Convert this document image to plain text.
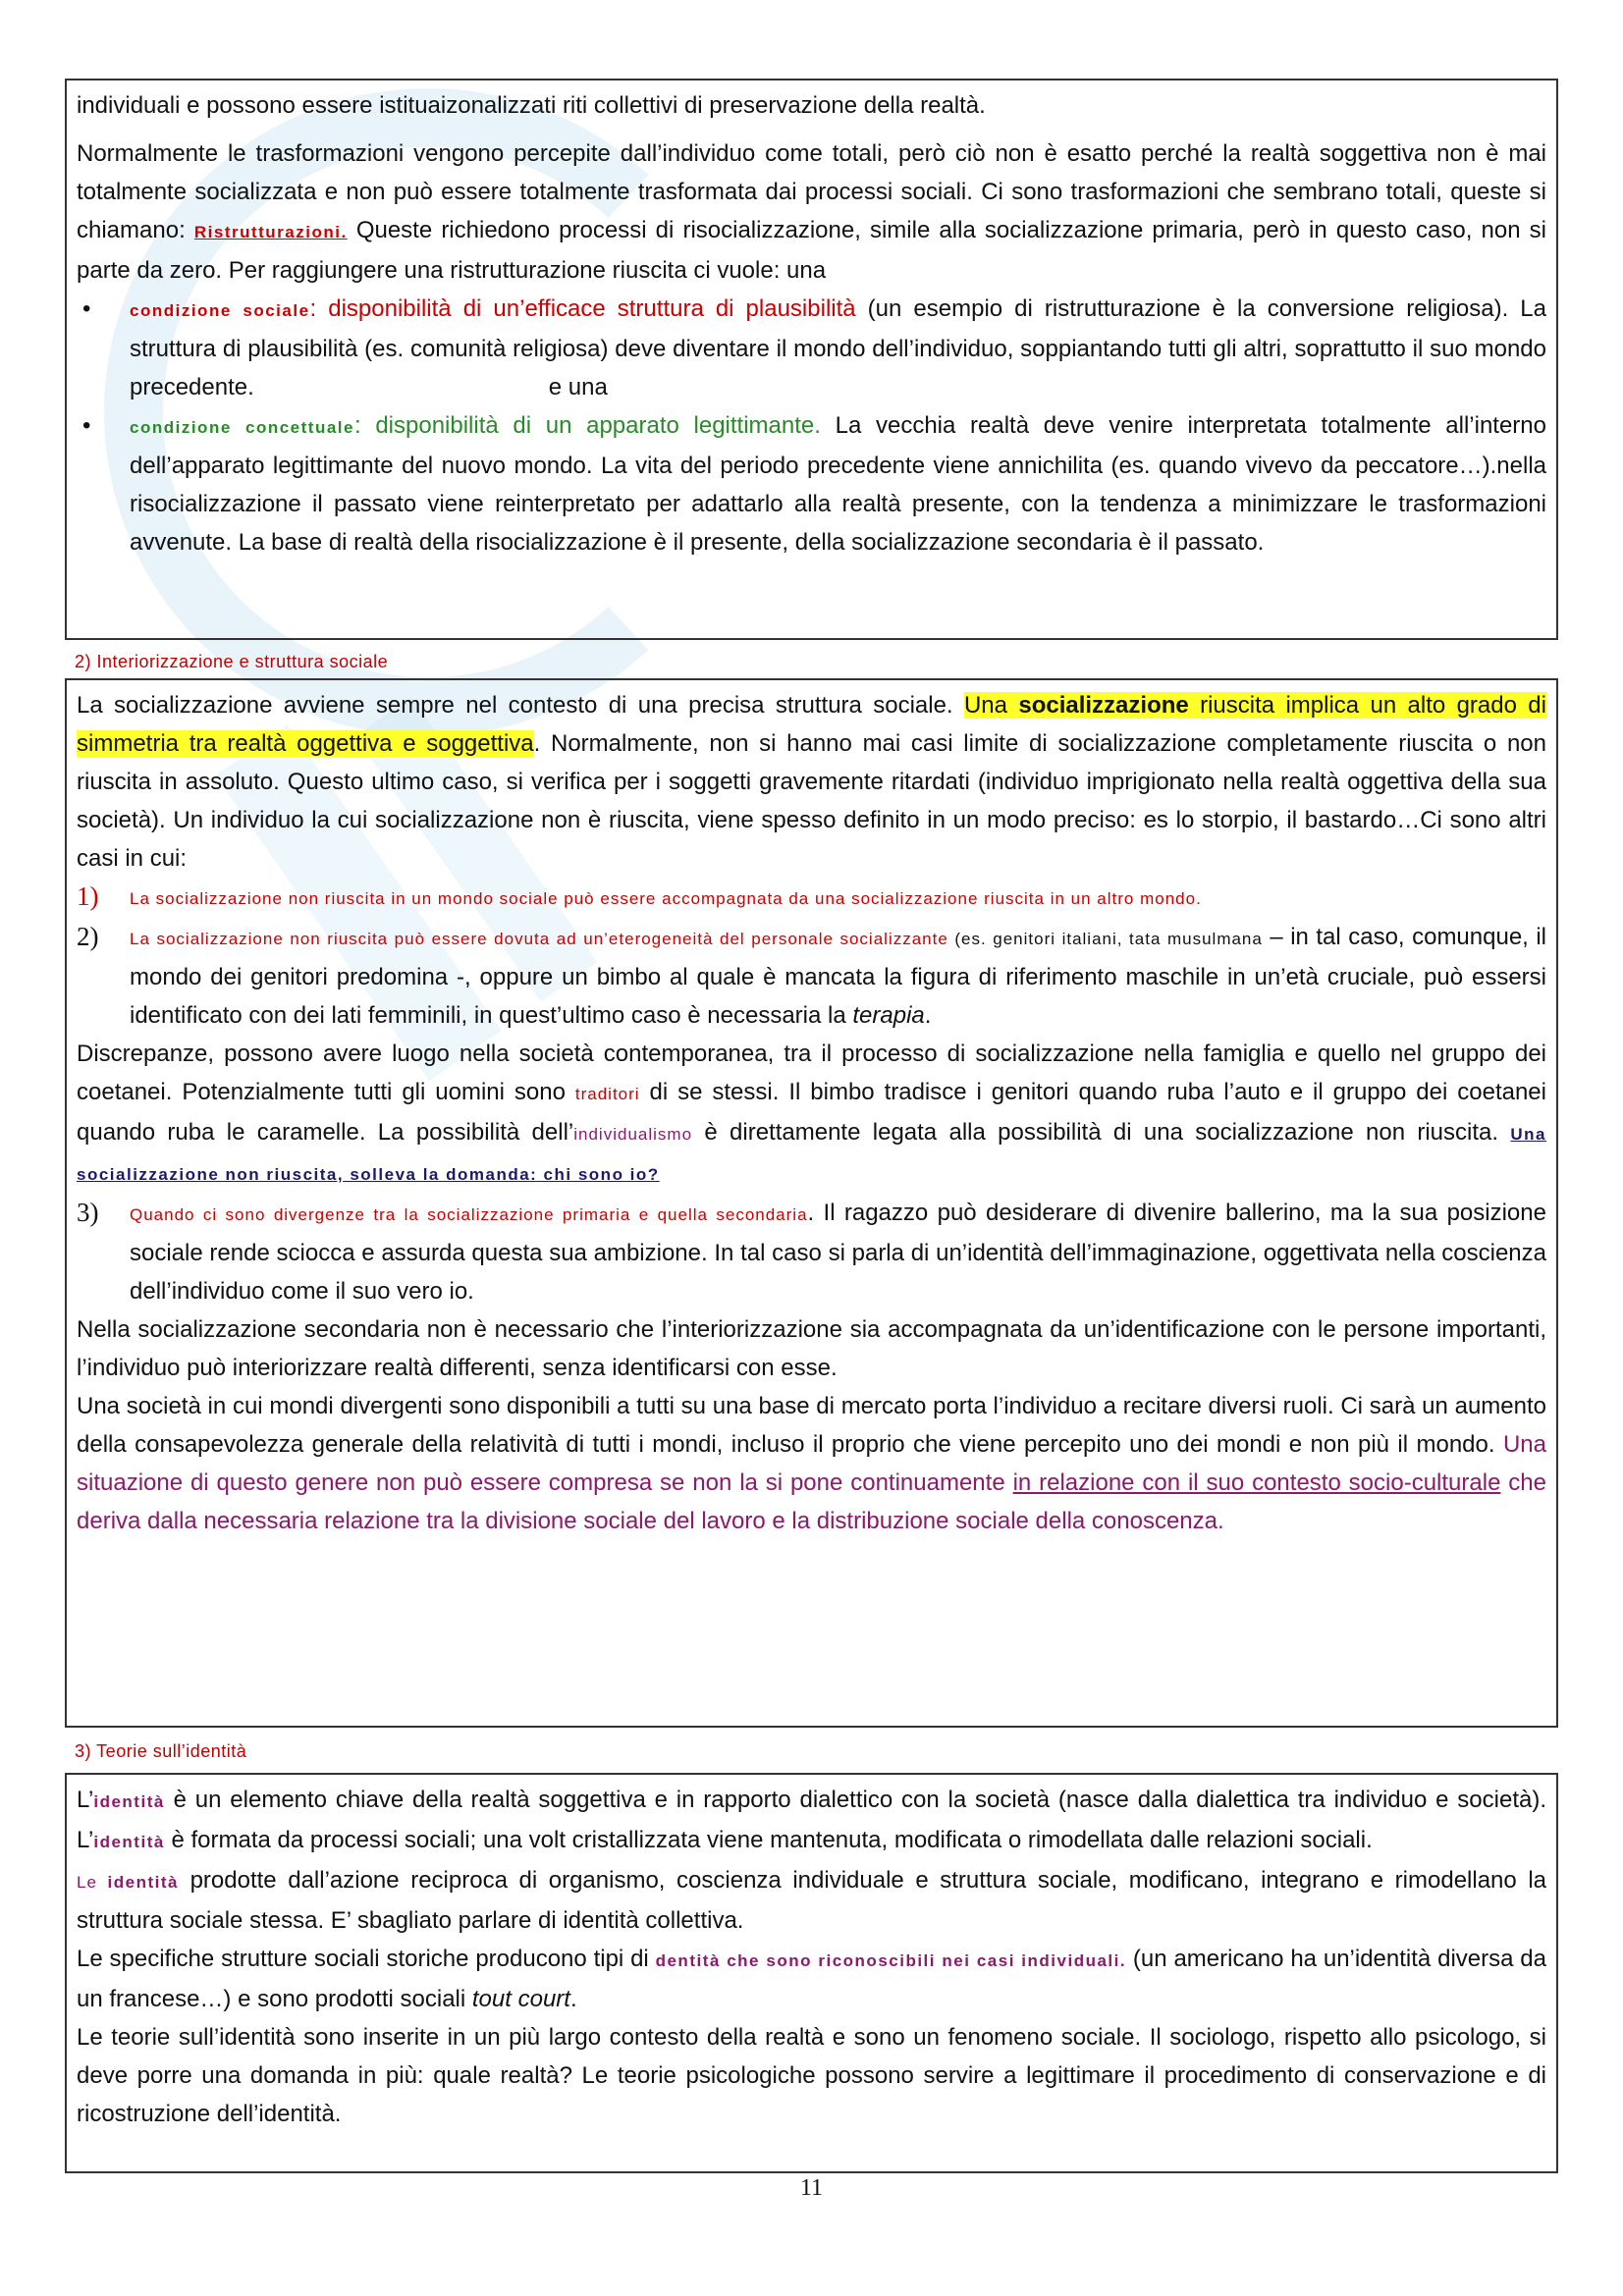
individuali e possono essere istituaizonalizzati riti collettivi di preservazione della realtà.

Normalmente le trasformazioni vengono percepite dall’individuo come totali, però ciò non è esatto perché la realtà soggettiva non è mai totalmente socializzata e non può essere totalmente trasformata dai processi sociali. Ci sono trasformazioni che sembrano totali, queste si chiamano: Ristrutturazioni. Queste richiedono processi di risocializzazione, simile alla socializzazione primaria, però in questo caso, non si parte da zero. Per raggiungere una ristrutturazione riuscita ci vuole: una

• condizione sociale: disponibilità di un’efficace struttura di plausibilità (un esempio di ristrutturazione è la conversione religiosa). La struttura di plausibilità (es. comunità religiosa) deve diventare il mondo dell’individuo, soppiantando tutti gli altri, soprattutto il suo mondo precedente.	e una
• condizione concettuale: disponibilità di un apparato legittimante. La vecchia realtà deve venire interpretata totalmente all’interno dell’apparato legittimante del nuovo mondo. La vita del periodo precedente viene annichilita (es. quando vivevo da peccatore…).nella risocializzazione il passato viene reinterpretato per adattarlo alla realtà presente, con la tendenza a minimizzare le trasformazioni avvenute. La base di realtà della risocializzazione è il presente, della socializzazione secondaria è il passato.
2) Interiorizzazione e struttura sociale

La socializzazione avviene sempre nel contesto di una precisa struttura sociale. Una socializzazione riuscita implica un alto grado di simmetria tra realtà oggettiva e soggettiva. Normalmente, non si hanno mai casi limite di socializzazione completamente riuscita o non riuscita in assoluto. Questo ultimo caso, si verifica per i soggetti gravemente ritardati (individuo imprigionato nella realtà oggettiva della sua società). Un individuo la cui socializzazione non è riuscita, viene spesso definito in un modo preciso: es lo storpio, il bastardo…Ci sono altri casi in cui:

1) La socializzazione non riuscita in un mondo sociale può essere accompagnata da una socializzazione riuscita in un altro mondo.
2) La socializzazione non riuscita può essere dovuta ad un’eterogeneità del personale socializzante (es. genitori italiani, tata musulmana – in tal caso, comunque, il mondo dei genitori predomina -, oppure un bimbo al quale è mancata la figura di riferimento maschile in un’età cruciale, può essersi identificato con dei lati femminili, in quest’ultimo caso è necessaria la terapia.

Discrepanze, possono avere luogo nella società contemporanea, tra il processo di socializzazione nella famiglia e quello nel gruppo dei coetanei. Potenzialmente tutti gli uomini sono traditori di se stessi. Il bimbo tradisce i genitori quando ruba l’auto e il gruppo dei coetanei quando ruba le caramelle. La possibilità dell’individualismo è direttamente legata alla possibilità di una socializzazione non riuscita. Una socializzazione non riuscita, solleva la domanda: chi sono io?

3) Quando ci sono divergenze tra la socializzazione primaria e quella secondaria. Il ragazzo può desiderare di divenire ballerino, ma la sua posizione sociale rende sciocca e assurda questa sua ambizione. In tal caso si parla di un’identità dell’immaginazione, oggettivata nella coscienza dell’individuo come il suo vero io.

Nella socializzazione secondaria non è necessario che l’interiorizzazione sia accompagnata da un’identificazione con le persone importanti, l’individuo può interiorizzare realtà differenti, senza identificarsi con esse.

Una società in cui mondi divergenti sono disponibili a tutti su una base di mercato porta l’individuo a recitare diversi ruoli. Ci sarà un aumento della consapevolezza generale della relatività di tutti i mondi, incluso il proprio che viene percepito uno dei mondi e non più il mondo. Una situazione di questo genere non può essere compresa se non la si pone continuamente in relazione con il suo contesto socio-culturale che deriva dalla necessaria relazione tra la divisione sociale del lavoro e la distribuzione sociale della conoscenza.

3) Teorie sull’identità

L’identità è un elemento chiave della realtà soggettiva e in rapporto dialettico con la società (nasce dalla dialettica tra individuo e società). L’identità è formata da processi sociali; una volt cristallizzata viene mantenuta, modificata o rimodellata dalle relazioni sociali.

Le identità prodotte dall’azione reciproca di organismo, coscienza individuale e struttura sociale, modificano, integrano e rimodellano la struttura sociale stessa. E’ sbagliato parlare di identità collettiva.

Le specifiche strutture sociali storiche producono tipi di dentità che sono riconoscibili nei casi individuali. (un americano ha un’identità diversa da un francese…) e sono prodotti sociali tout court.

Le teorie sull’identità sono inserite in un più largo contesto della realtà e sono un fenomeno sociale. Il sociologo, rispetto allo psicologo, si deve porre una domanda in più: quale realtà? Le teorie psicologiche possono servire a legittimare il procedimento di conservazione e di ricostruzione dell’identità.

11
